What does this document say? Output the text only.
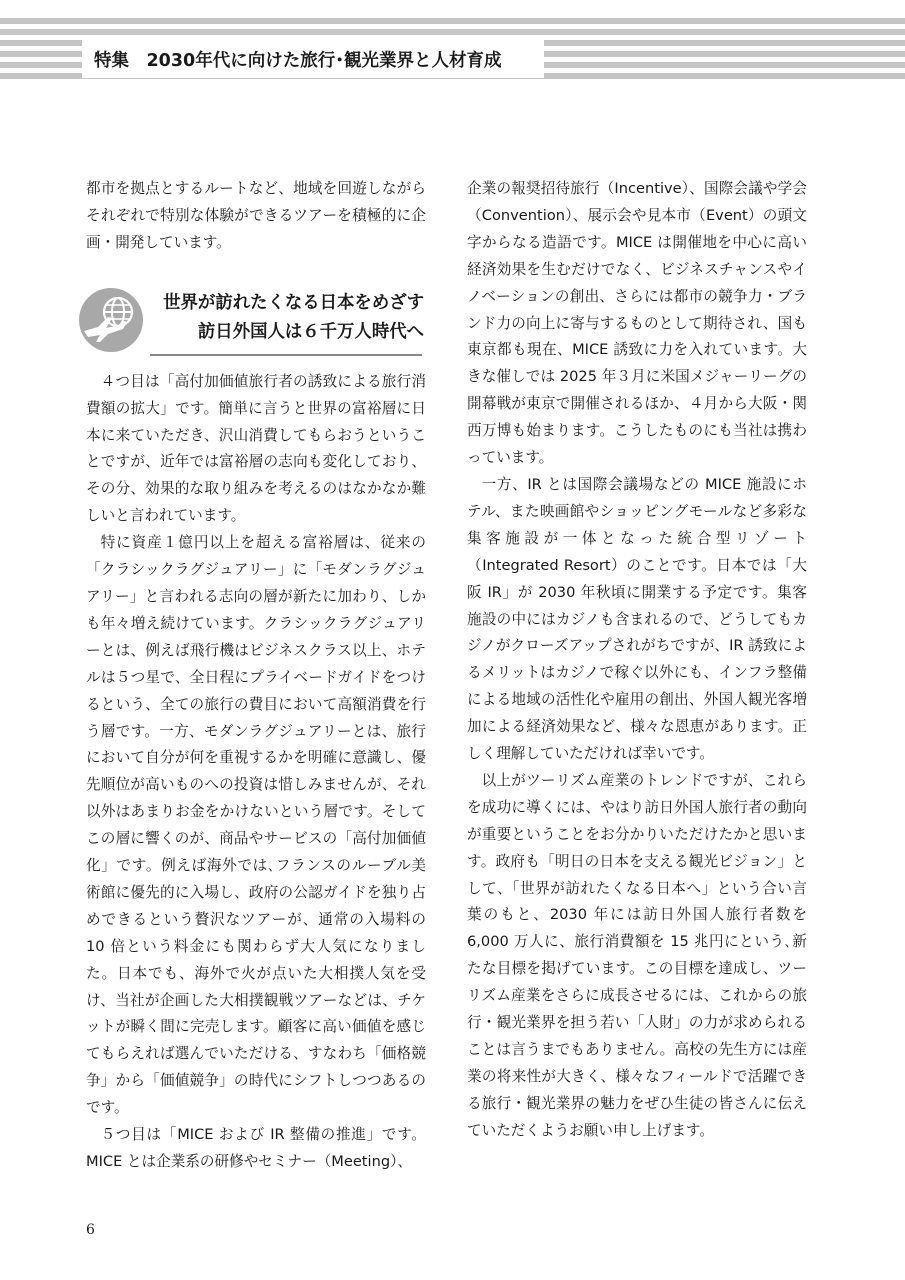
特集　2030年代に向けた旅行･観光業界と人材育成

都市を拠点とするルートなど、地域を回遊しながらそれぞれで特別な体験ができるツアーを積極的に企画・開発しています。

４つ目は「高付加価値旅行者の誘致による旅行消費額の拡大」です。簡単に言うと世界の富裕層に日本に来ていただき、沢山消費してもらおうということですが、近年では富裕層の志向も変化しており、その分、効果的な取り組みを考えるのはなかなか難しいと言われています。

特に資産１億円以上を超える富裕層は、従来の「クラシックラグジュアリー」に「モダンラグジュアリー」と言われる志向の層が新たに加わり、しかも年々増え続けています。クラシックラグジュアリーとは、例えば飛行機はビジネスクラス以上、ホテルは５つ星で、全日程にプライベードガイドをつけるという、全ての旅行の費目において高額消費を行う層です。一方、モダンラグジュアリーとは、旅行において自分が何を重視するかを明確に意識し、優先順位が高いものへの投資は惜しみませんが、それ以外はあまりお金をかけないという層です。そしてこの層に響くのが、商品やサービスの「高付加価値化」です。例えば海外では､フランスのルーブル美術館に優先的に入場し、政府の公認ガイドを独り占めできるという贅沢なツアーが、通常の入場料の 10 倍という料金にも関わらず大人気になりました。日本でも、海外で火が点いた大相撲人気を受け、当社が企画した大相撲観戦ツアーなどは、チケットが瞬く間に完売します。顧客に高い価値を感じてもらえれば選んでいただける、すなわち「価格競争」から「価値競争」の時代にシフトしつつあるのです。

５つ目は「MICE および IR 整備の推進」です。MICE とは企業系の研修やセミナー（Meeting）、

世界が訪れたくなる日本をめざす
訪日外国人は６千万人時代へ

企業の報奨招待旅行（Incentive）、国際会議や学会（Convention）、展示会や見本市（Event）の頭文字からなる造語です。MICE は開催地を中心に高い経済効果を生むだけでなく、ビジネスチャンスやイノベーションの創出、さらには都市の競争力・ブランド力の向上に寄与するものとして期待され、国も東京都も現在、MICE 誘致に力を入れています。大きな催しでは 2025 年３月に米国メジャーリーグの開幕戦が東京で開催されるほか、４月から大阪・関西万博も始まります。こうしたものにも当社は携わっています。

一方、IR とは国際会議場などの MICE 施設にホテル、また映画館やショッピングモールなど多彩な集客施設が一体となった統合型リゾート（Integrated Resort）のことです。日本では「大阪 IR」が 2030 年秋頃に開業する予定です。集客施設の中にはカジノも含まれるので、どうしてもカジノがクローズアップされがちですが、IR 誘致によるメリットはカジノで稼ぐ以外にも、インフラ整備による地域の活性化や雇用の創出、外国人観光客増加による経済効果など、様々な恩恵があります。正しく理解していただければ幸いです。

以上がツーリズム産業のトレンドですが、これらを成功に導くには、やはり訪日外国人旅行者の動向が重要ということをお分かりいただけたかと思います。政府も「明日の日本を支える観光ビジョン」として、「世界が訪れたくなる日本へ」という合い言葉のもと、2030 年には訪日外国人旅行者数を 6,000 万人に、旅行消費額を 15 兆円にという､新たな目標を掲げています。この目標を達成し、ツーリズム産業をさらに成長させるには、これからの旅行・観光業界を担う若い「人財」の力が求められることは言うまでもありません。高校の先生方には産業の将来性が大きく、様々なフィールドで活躍できる旅行・観光業界の魅力をぜひ生徒の皆さんに伝えていただくようお願い申し上げます。

6
